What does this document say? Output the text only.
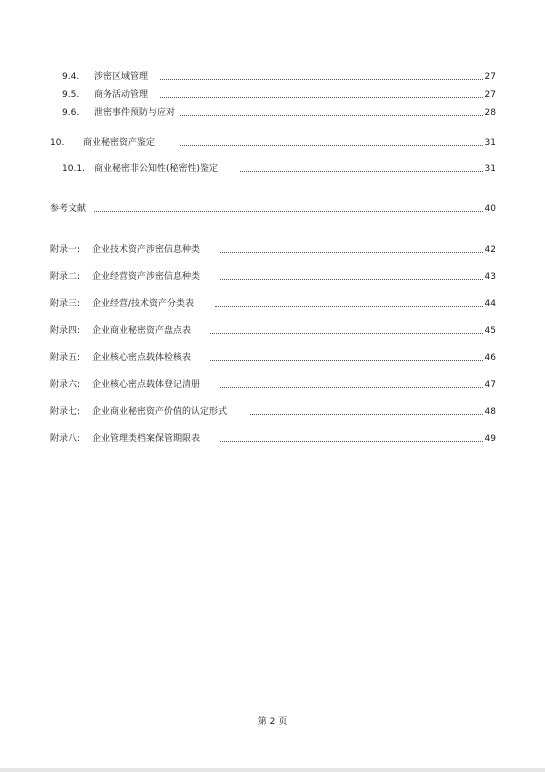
9.4. 涉密区域管理	27
9.5. 商务活动管理	27
9.6. 泄密事件预防与应对	28
10. 商业秘密资产鉴定	31
10.1. 商业秘密非公知性(秘密性)鉴定	31
参考文献	40
附录一: 企业技术资产涉密信息种类	42
附录二: 企业经营资产涉密信息种类	43
附录三: 企业经营/技术资产分类表	44
附录四: 企业商业秘密资产盘点表	45
附录五: 企业核心密点载体检核表	46
附录六: 企业核心密点载体登记清册	47
附录七: 企业商业秘密资产价值的认定形式	48
附录八: 企业管理类档案保管期限表	49
第 2 页
